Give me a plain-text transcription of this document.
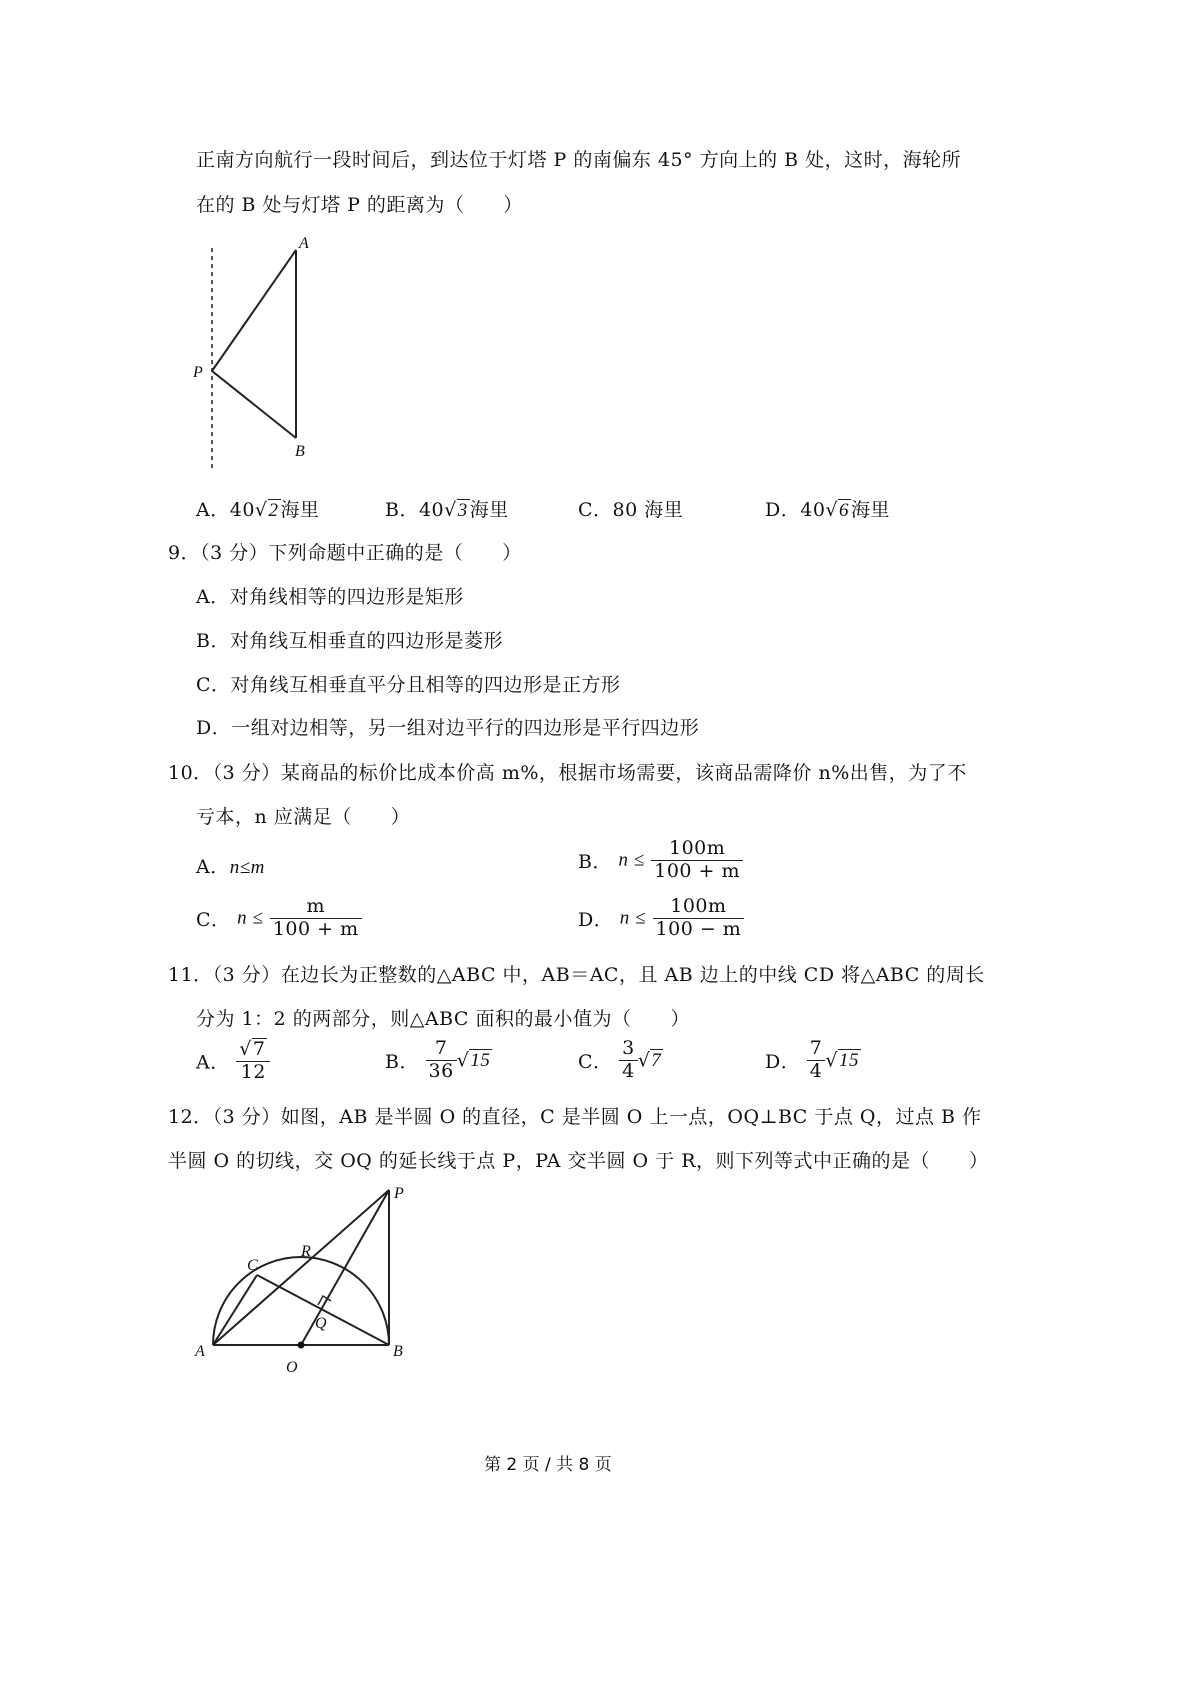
正南方向航行一段时间后，到达位于灯塔 P 的南偏东 45° 方向上的 B 处，这时，海轮所
在的 B 处与灯塔 P 的距离为（　　）
A
P
B
A．40√2 海里	B．40√3 海里	C．80 海里	D．40√6 海里
9．（3 分）下列命题中正确的是（　　）
A．对角线相等的四边形是矩形
B．对角线互相垂直的四边形是菱形
C．对角线互相垂直平分且相等的四边形是正方形
D．一组对边相等，另一组对边平行的四边形是平行四边形
10．（3 分）某商品的标价比成本价高 m%，根据市场需要，该商品需降价 n%出售，为了不
亏本，n 应满足（　　）
A．n≤m	B． $n \le \frac{100m}{100 + m}$
C． $n \le \frac{m}{100 + m}$	D． $n \le \frac{100m}{100 - m}$
11．（3 分）在边长为正整数的△ABC 中，AB＝AC，且 AB 边上的中线 CD 将△ABC 的周长
分为 1：2 的两部分，则△ABC 面积的最小值为（　　）
A． $\frac{√7}{12}$	B． $\frac{7}{36} √15$	C． $\frac{3}{4} √7$	D． $\frac{7}{4} √15$
12．（3 分）如图，AB 是半圆 O 的直径，C 是半圆 O 上一点，OQ⊥BC 于点 Q，过点 B 作
半圆 O 的切线，交 OQ 的延长线于点 P，PA 交半圆 O 于 R，则下列等式中正确的是（　　）
P
C
R
Q
A
O
B
第 2 页 / 共 8 页
